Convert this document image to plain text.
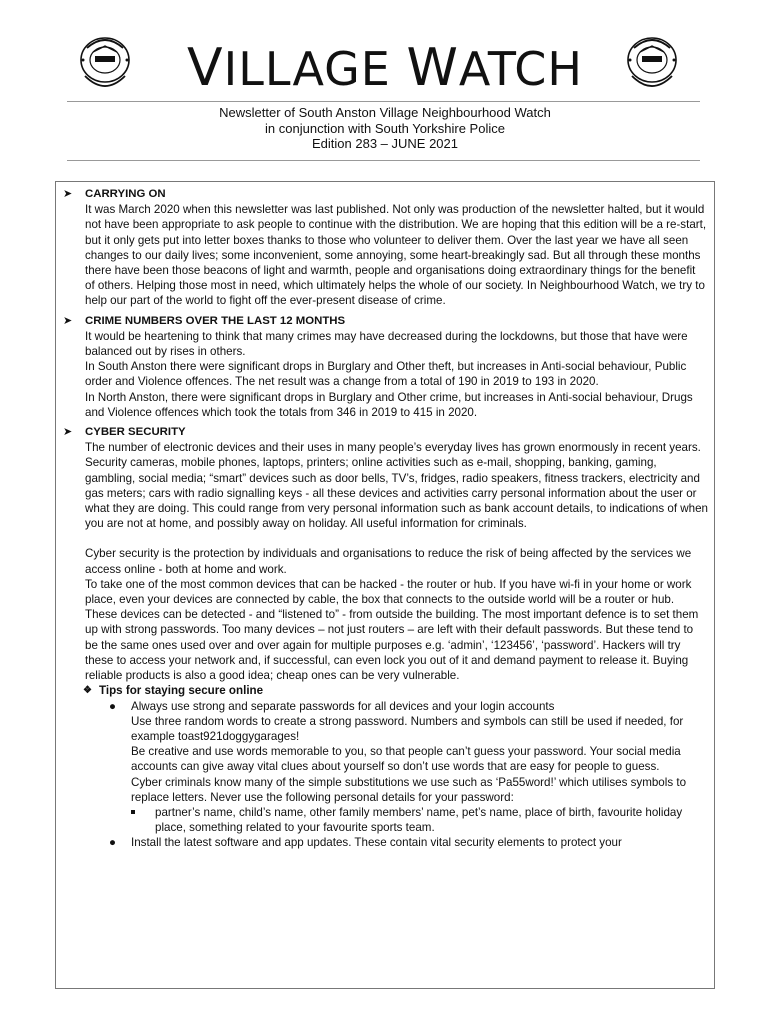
VILLAGE WATCH
Newsletter of South Anston Village Neighbourhood Watch
in conjunction with South Yorkshire Police
Edition 283 – JUNE 2021
➤	CARRYING ON

It was March 2020 when this newsletter was last published. Not only was production of the newsletter halted, but it would not have been appropriate to ask people to continue with the distribution. We are hoping that this edition will be a re-start, but it only gets put into letter boxes thanks to those who volunteer to deliver them. Over the last year we have all seen changes to our daily lives; some inconvenient, some annoying, some heart-breakingly sad. But all through these months there have been those beacons of light and warmth, people and organisations doing extraordinary things for the benefit of others. Helping those most in need, which ultimately helps the whole of our society. In Neighbourhood Watch, we try to help our part of the world to fight off the ever-present disease of crime.

➤	CRIME NUMBERS OVER THE LAST 12 MONTHS

It would be heartening to think that many crimes may have decreased during the lockdowns, but those that have were balanced out by rises in others.

In South Anston there were significant drops in Burglary and Other theft, but increases in Anti-social behaviour, Public order and Violence offences. The net result was a change from a total of 190 in 2019 to 193 in 2020.

In North Anston, there were significant drops in Burglary and Other crime, but increases in Anti-social behaviour, Drugs and Violence offences which took the totals from 346 in 2019 to 415 in 2020.

➤	CYBER SECURITY

The number of electronic devices and their uses in many people’s everyday lives has grown enormously in recent years. Security cameras, mobile phones, laptops, printers; online activities such as e-mail, shopping, banking, gaming, gambling, social media; “smart” devices such as door bells, TV’s, fridges, radio speakers, fitness trackers, electricity and gas meters; cars with radio signalling keys - all these devices and activities carry personal information about the user or what they are doing. This could range from very personal information such as bank account details, to indications of when you are not at home, and possibly away on holiday. All useful information for criminals.

Cyber security is the protection by individuals and organisations to reduce the risk of being affected by the services we access online - both at home and work.

To take one of the most common devices that can be hacked - the router or hub. If you have wi-fi in your home or work place, even your devices are connected by cable, the box that connects to the outside world will be a router or hub. These devices can be detected - and “listened to” - from outside the building. The most important defence is to set them up with strong passwords. Too many devices – not just routers – are left with their default passwords. But these tend to be the same ones used over and over again for multiple purposes e.g. ‘admin’, ‘123456’, ‘password’. Hackers will try these to access your network and, if successful, can even lock you out of it and demand payment to release it. Buying reliable products is also a good idea; cheap ones can be very vulnerable.

❖ Tips for staying secure online
● Always use strong and separate passwords for all devices and your login accounts
Use three random words to create a strong password. Numbers and symbols can still be used if needed, for example toast921doggygarages!
Be creative and use words memorable to you, so that people can’t guess your password. Your social media accounts can give away vital clues about yourself so don’t use words that are easy for people to guess.
Cyber criminals know many of the simple substitutions we use such as ‘Pa55word!’ which utilises symbols to replace letters. Never use the following personal details for your password:
partner’s name, child’s name, other family members’ name, pet’s name, place of birth, favourite holiday place, something related to your favourite sports team.
● Install the latest software and app updates. These contain vital security elements to protect your
